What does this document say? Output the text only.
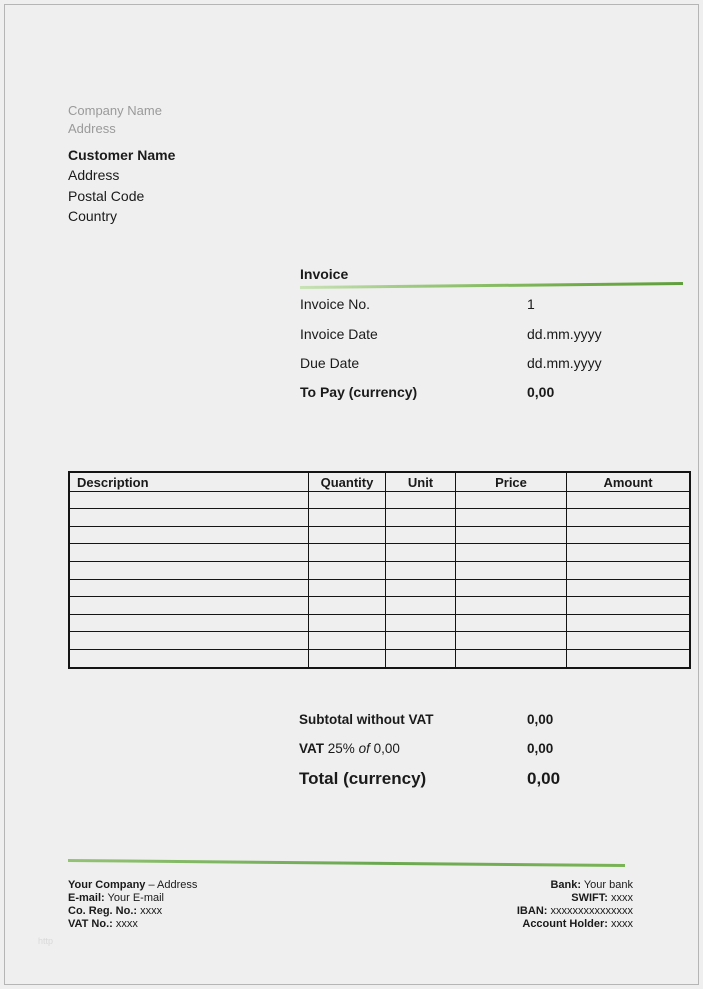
Company Name
Address
Customer Name
Address
Postal Code
Country
Invoice
Invoice No.	1
Invoice Date	dd.mm.yyyy
Due Date	dd.mm.yyyy
To Pay (currency)	0,00
Description	Quantity	Unit	Price	Amount

Subtotal without VAT	0,00
VAT 25% of 0,00	0,00
Total (currency)	0,00
Your Company – Address
E-mail: Your E-mail
Co. Reg. No.: xxxx
VAT No.: xxxx
Bank: Your bank
SWIFT: xxxx
IBAN: xxxxxxxxxxxxxxx
Account Holder: xxxx
http
